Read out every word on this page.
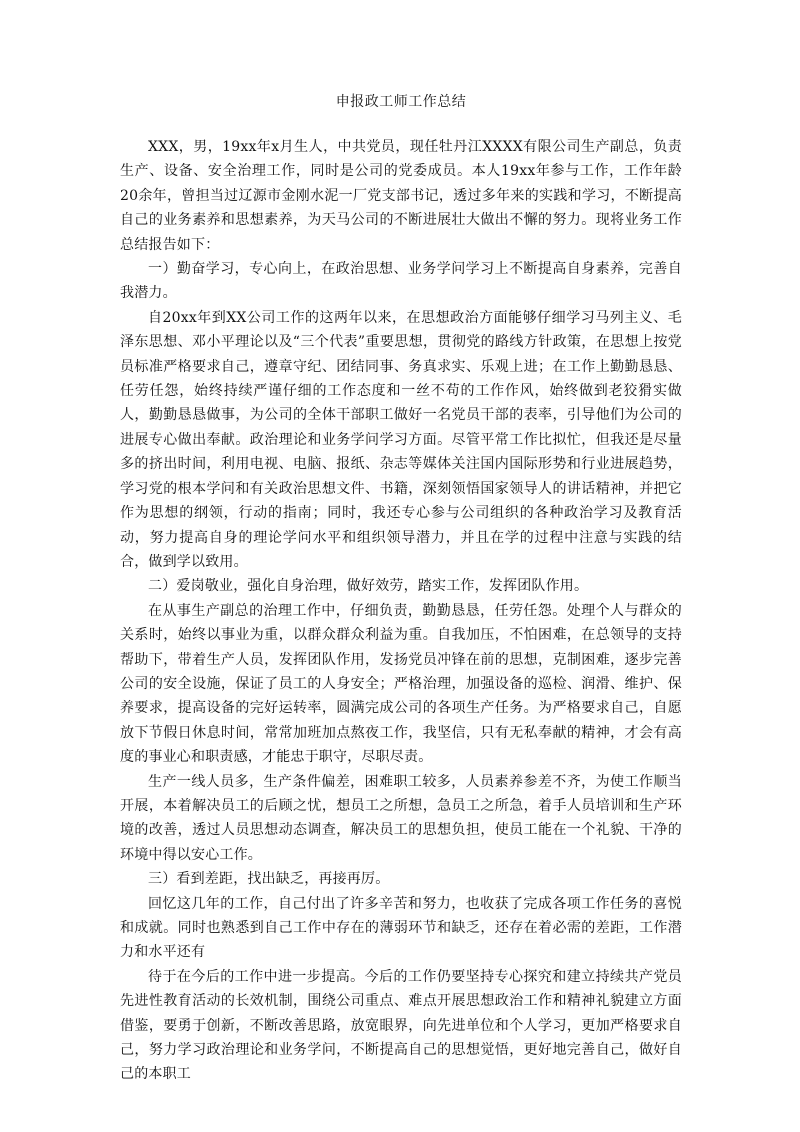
申报政工师工作总结

XXX，男，19xx年x月生人，中共党员，现任牡丹江XXXX有限公司生产副总，负责生产、设备、安全治理工作，同时是公司的党委成员。本人19xx年参与工作，工作年龄20余年，曾担当过辽源市金刚水泥一厂党支部书记，透过多年来的实践和学习，不断提高自己的业务素养和思想素养，为天马公司的不断进展壮大做出不懈的努力。现将业务工作总结报告如下：

一）勤奋学习，专心向上，在政治思想、业务学问学习上不断提高自身素养，完善自我潜力。

自20xx年到XX公司工作的这两年以来，在思想政治方面能够仔细学习马列主义、毛泽东思想、邓小平理论以及“三个代表”重要思想，贯彻党的路线方针政策，在思想上按党员标准严格要求自己，遵章守纪、团结同事、务真求实、乐观上进；在工作上勤勤恳恳、任劳任怨，始终持续严谨仔细的工作态度和一丝不苟的工作作风，始终做到老狡猾实做人，勤勤恳恳做事，为公司的全体干部职工做好一名党员干部的表率，引导他们为公司的进展专心做出奉献。政治理论和业务学问学习方面。尽管平常工作比拟忙，但我还是尽量多的挤出时间，利用电视、电脑、报纸、杂志等媒体关注国内国际形势和行业进展趋势，学习党的根本学问和有关政治思想文件、书籍，深刻领悟国家领导人的讲话精神，并把它作为思想的纲领，行动的指南；同时，我还专心参与公司组织的各种政治学习及教育活动，努力提高自身的理论学问水平和组织领导潜力，并且在学的过程中注意与实践的结合，做到学以致用。

二）爱岗敬业，强化自身治理，做好效劳，踏实工作，发挥团队作用。

在从事生产副总的治理工作中，仔细负责，勤勤恳恳，任劳任怨。处理个人与群众的关系时，始终以事业为重，以群众群众利益为重。自我加压，不怕困难，在总领导的支持帮助下，带着生产人员，发挥团队作用，发扬党员冲锋在前的思想，克制困难，逐步完善公司的安全设施，保证了员工的人身安全；严格治理，加强设备的巡检、润滑、维护、保养要求，提高设备的完好运转率，圆满完成公司的各项生产任务。为严格要求自己，自愿放下节假日休息时间，常常加班加点熬夜工作，我坚信，只有无私奉献的精神，才会有高度的事业心和职责感，才能忠于职守，尽职尽责。

生产一线人员多，生产条件偏差，困难职工较多，人员素养参差不齐，为使工作顺当开展，本着解决员工的后顾之忧，想员工之所想，急员工之所急，着手人员培训和生产环境的改善，透过人员思想动态调查，解决员工的思想负担，使员工能在一个礼貌、干净的环境中得以安心工作。

三）看到差距，找出缺乏，再接再厉。

回忆这几年的工作，自己付出了许多辛苦和努力，也收获了完成各项工作任务的喜悦和成就。同时也熟悉到自己工作中存在的薄弱环节和缺乏，还存在着必需的差距，工作潜力和水平还有

待于在今后的工作中进一步提高。今后的工作仍要坚持专心探究和建立持续共产党员先进性教育活动的长效机制，围绕公司重点、难点开展思想政治工作和精神礼貌建立方面借鉴，要勇于创新，不断改善思路，放宽眼界，向先进单位和个人学习，更加严格要求自己，努力学习政治理论和业务学问，不断提高自己的思想觉悟，更好地完善自己，做好自己的本职工
